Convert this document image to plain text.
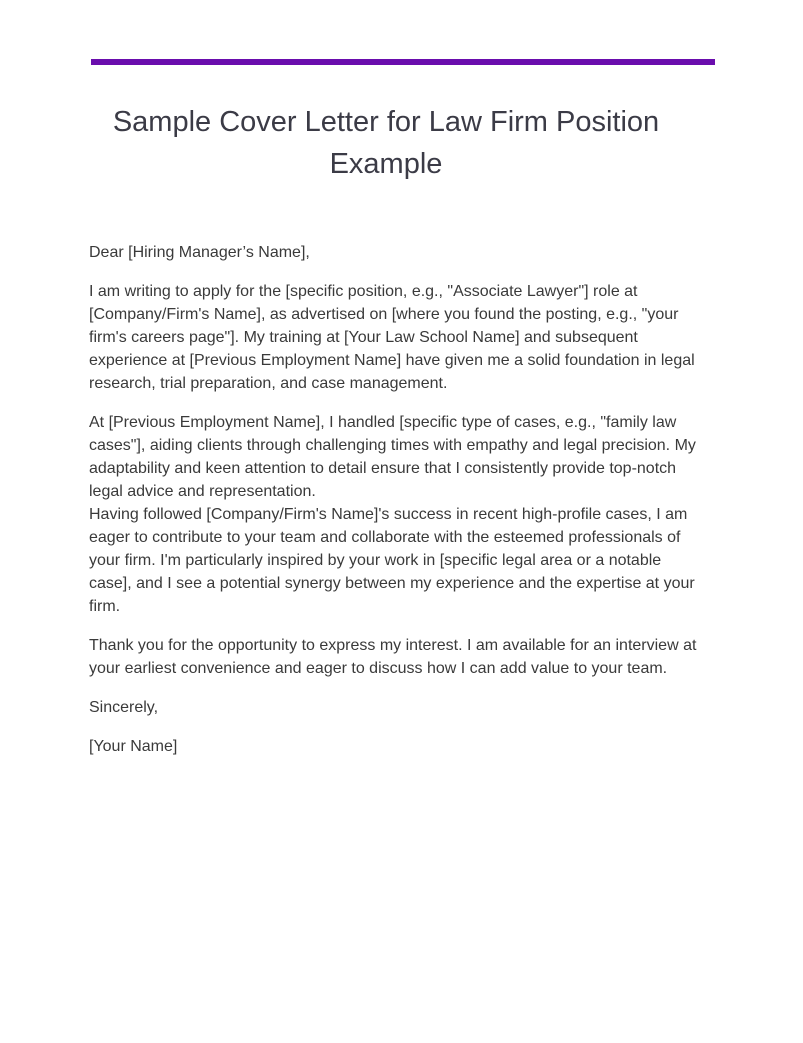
Sample Cover Letter for Law Firm Position Example

Dear [Hiring Manager’s Name],

I am writing to apply for the [specific position, e.g., "Associate Lawyer"] role at [Company/Firm's Name], as advertised on [where you found the posting, e.g., "your firm's careers page"]. My training at [Your Law School Name] and subsequent experience at [Previous Employment Name] have given me a solid foundation in legal research, trial preparation, and case management.

At [Previous Employment Name], I handled [specific type of cases, e.g., "family law cases"], aiding clients through challenging times with empathy and legal precision. My adaptability and keen attention to detail ensure that I consistently provide top-notch legal advice and representation.

Having followed [Company/Firm's Name]'s success in recent high-profile cases, I am eager to contribute to your team and collaborate with the esteemed professionals of your firm. I'm particularly inspired by your work in [specific legal area or a notable case], and I see a potential synergy between my experience and the expertise at your firm.

Thank you for the opportunity to express my interest. I am available for an interview at your earliest convenience and eager to discuss how I can add value to your team.

Sincerely,

[Your Name]
